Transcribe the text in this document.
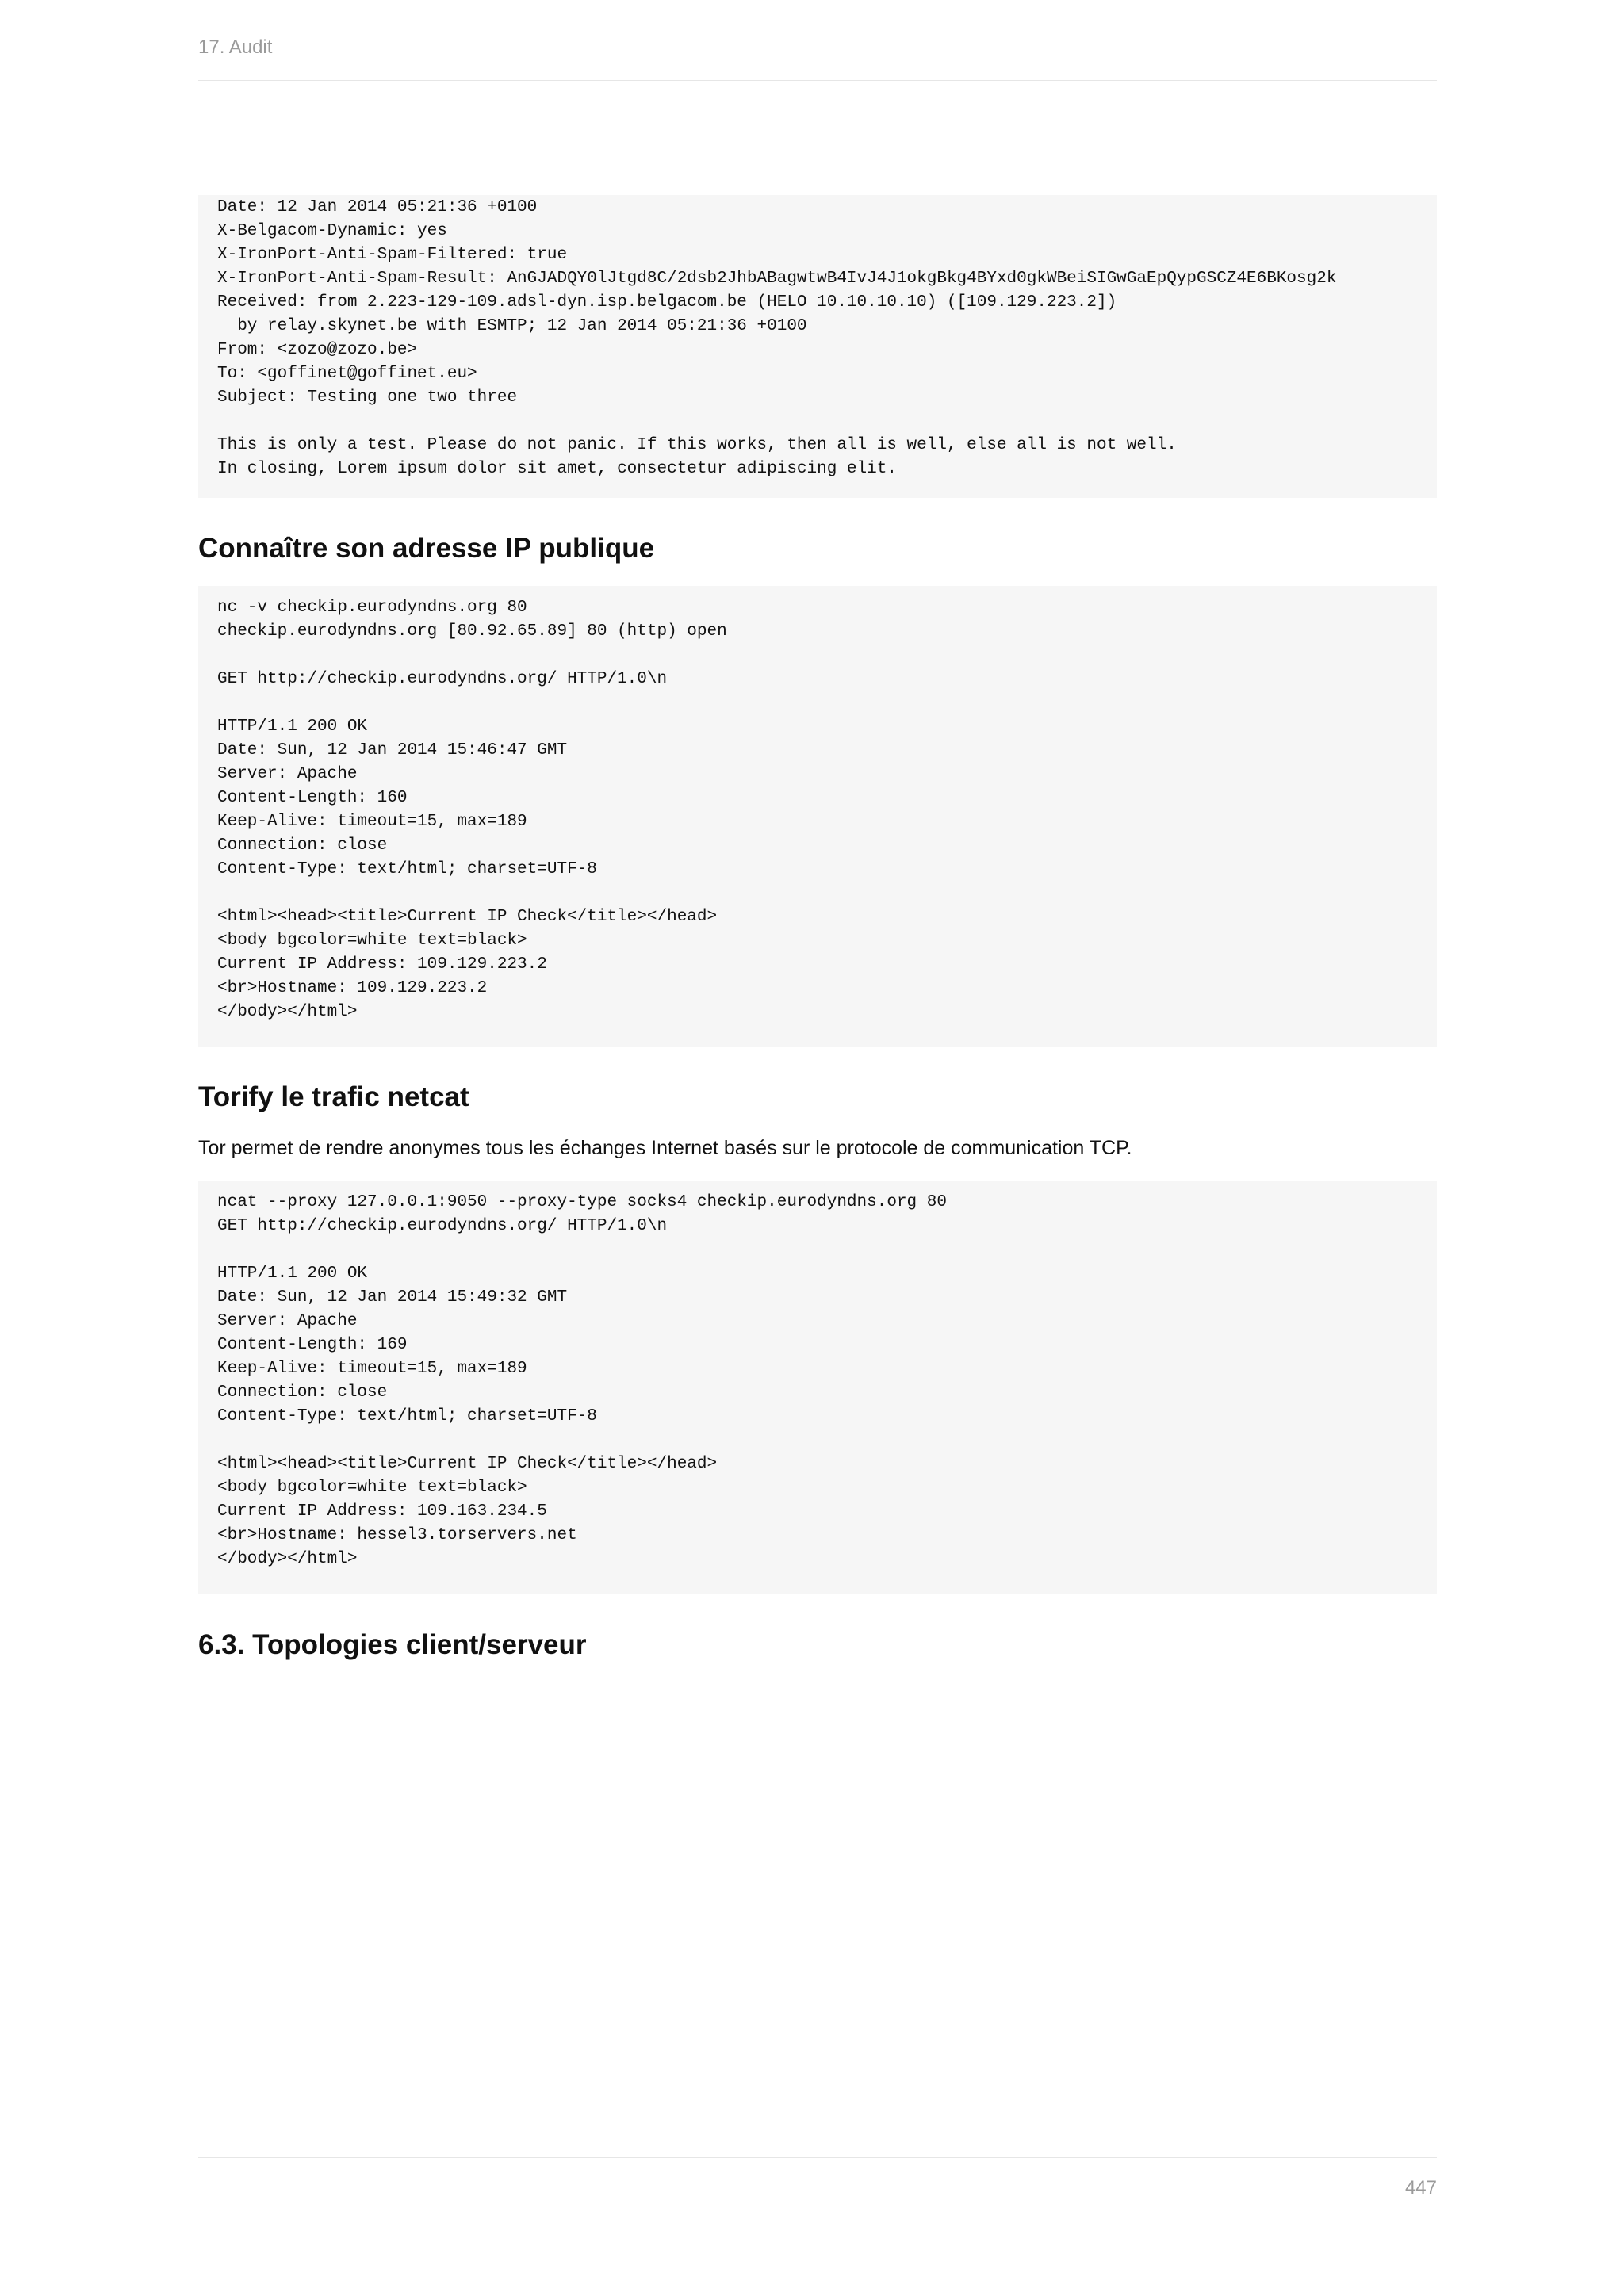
17. Audit
Date: 12 Jan 2014 05:21:36 +0100
X-Belgacom-Dynamic: yes
X-IronPort-Anti-Spam-Filtered: true
X-IronPort-Anti-Spam-Result: AnGJADQY0lJtgd8C/2dsb2JhbABagwtwB4IvJ4J1okgBkg4BYxd0gkWBeiSIGwGaEpQypGSCZ4E6BKosg2k
Received: from 2.223-129-109.adsl-dyn.isp.belgacom.be (HELO 10.10.10.10) ([109.129.223.2])
by relay.skynet.be with ESMTP; 12 Jan 2014 05:21:36 +0100
From: <zozo@zozo.be>
To: <goffinet@goffinet.eu>
Subject: Testing one two three

This is only a test. Please do not panic. If this works, then all is well, else all is not well.
In closing, Lorem ipsum dolor sit amet, consectetur adipiscing elit.
Connaître son adresse IP publique
nc -v checkip.eurodyndns.org 80
checkip.eurodyndns.org [80.92.65.89] 80 (http) open

GET http://checkip.eurodyndns.org/ HTTP/1.0\n

HTTP/1.1 200 OK
Date: Sun, 12 Jan 2014 15:46:47 GMT
Server: Apache
Content-Length: 160
Keep-Alive: timeout=15, max=189
Connection: close
Content-Type: text/html; charset=UTF-8

<html><head><title>Current IP Check</title></head>
<body bgcolor=white text=black>
Current IP Address: 109.129.223.2
<br>Hostname: 109.129.223.2
</body></html>
Torify le trafic netcat

Tor permet de rendre anonymes tous les échanges Internet basés sur le protocole de communication TCP.

ncat --proxy 127.0.0.1:9050 --proxy-type socks4 checkip.eurodyndns.org 80
GET http://checkip.eurodyndns.org/ HTTP/1.0\n

HTTP/1.1 200 OK
Date: Sun, 12 Jan 2014 15:49:32 GMT
Server: Apache
Content-Length: 169
Keep-Alive: timeout=15, max=189
Connection: close
Content-Type: text/html; charset=UTF-8

<html><head><title>Current IP Check</title></head>
<body bgcolor=white text=black>
Current IP Address: 109.163.234.5
<br>Hostname: hessel3.torservers.net
</body></html>
6.3. Topologies client/serveur
447
